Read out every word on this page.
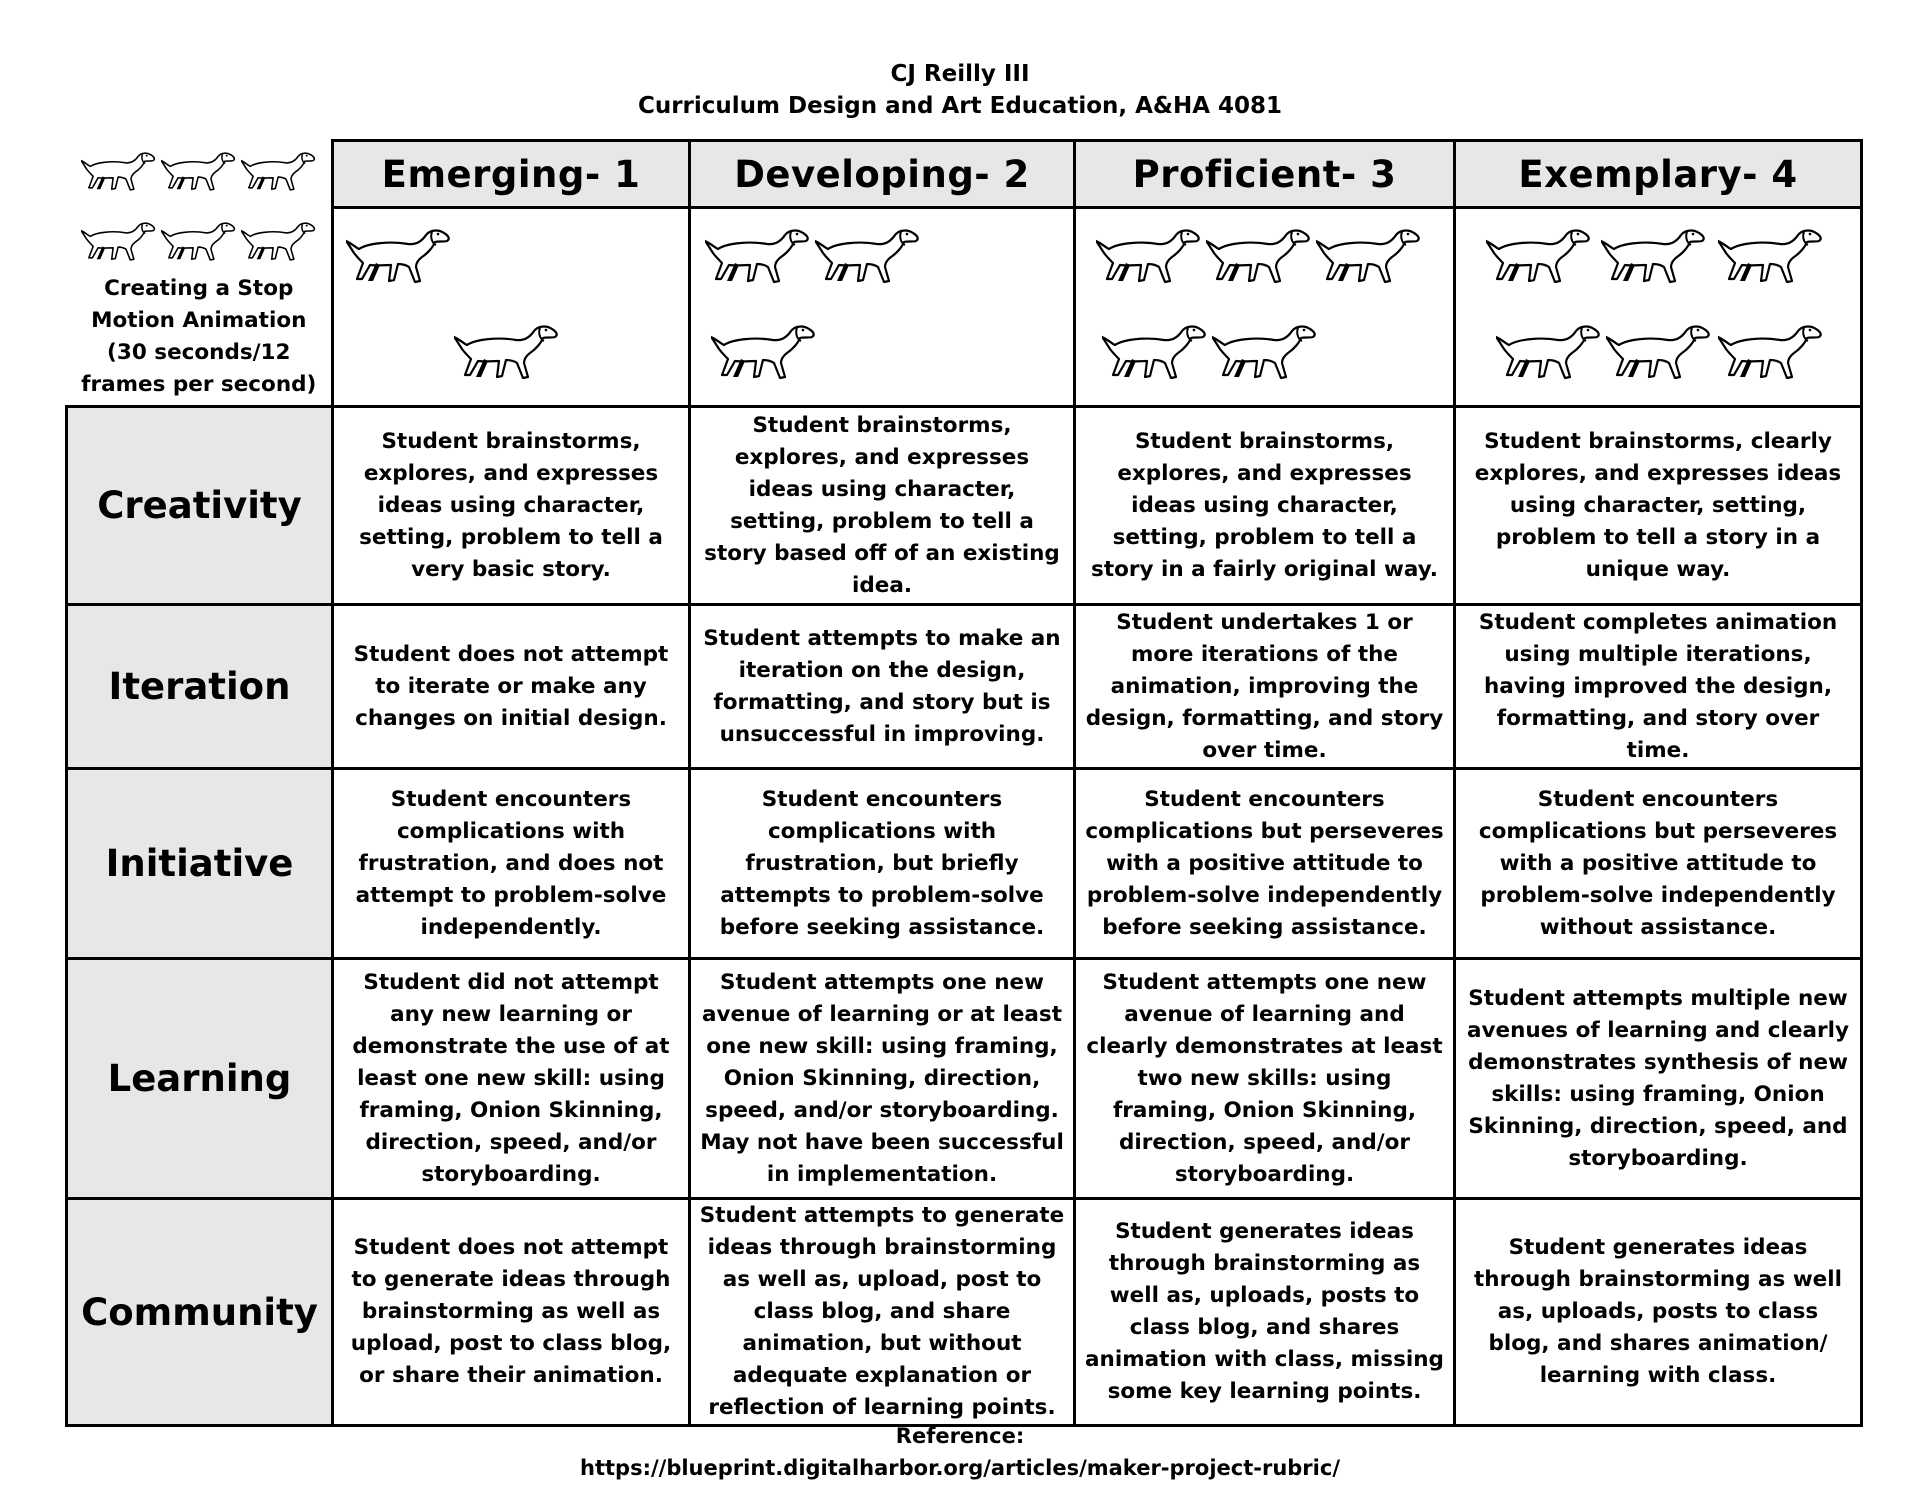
CJ Reilly III
Curriculum Design and Art Education, A&HA 4081
	Emerging- 1	Developing- 2	Proficient- 3	Exemplary- 4

Creating a Stop
Motion Animation
(30 seconds/12
frames per second)

Creativity	Student brainstorms, explores, and expresses ideas using character, setting, problem to tell a very basic story.	Student brainstorms, explores, and expresses ideas using character, setting, problem to tell a story based off of an existing idea.	Student brainstorms, explores, and expresses ideas using character, setting, problem to tell a story in a fairly original way.	Student brainstorms, clearly explores, and expresses ideas using character, setting, problem to tell a story in a unique way.
Iteration	Student does not attempt to iterate or make any changes on initial design.	Student attempts to make an iteration on the design, formatting, and story but is unsuccessful in improving.	Student undertakes 1 or more iterations of the animation, improving the design, formatting, and story over time.	Student completes animation using multiple iterations, having improved the design, formatting, and story over time.
Initiative	Student encounters complications with frustration, and does not attempt to problem-solve independently.	Student encounters complications with frustration, but briefly attempts to problem-solve before seeking assistance.	Student encounters complications but perseveres with a positive attitude to problem-solve independently before seeking assistance.	Student encounters complications but perseveres with a positive attitude to problem-solve independently without assistance.
Learning	Student did not attempt any new learning or demonstrate the use of at least one new skill: using framing, Onion Skinning, direction, speed, and/or storyboarding.	Student attempts one new avenue of learning or at least one new skill: using framing, Onion Skinning, direction, speed, and/or storyboarding. May not have been successful in implementation.	Student attempts one new avenue of learning and clearly demonstrates at least two new skills: using framing, Onion Skinning, direction, speed, and/or storyboarding.	Student attempts multiple new avenues of learning and clearly demonstrates synthesis of new skills: using framing, Onion Skinning, direction, speed, and storyboarding.
Community	Student does not attempt to generate ideas through brainstorming as well as upload, post to class blog, or share their animation.	Student attempts to generate ideas through brainstorming as well as, upload, post to class blog, and share animation, but without adequate explanation or reflection of learning points.	Student generates ideas through brainstorming as well as, uploads, posts to class blog, and shares animation with class, missing some key learning points.	Student generates ideas through brainstorming as well as, uploads, posts to class blog, and shares animation/ learning with class.
Reference:
https://blueprint.digitalharbor.org/articles/maker-project-rubric/
